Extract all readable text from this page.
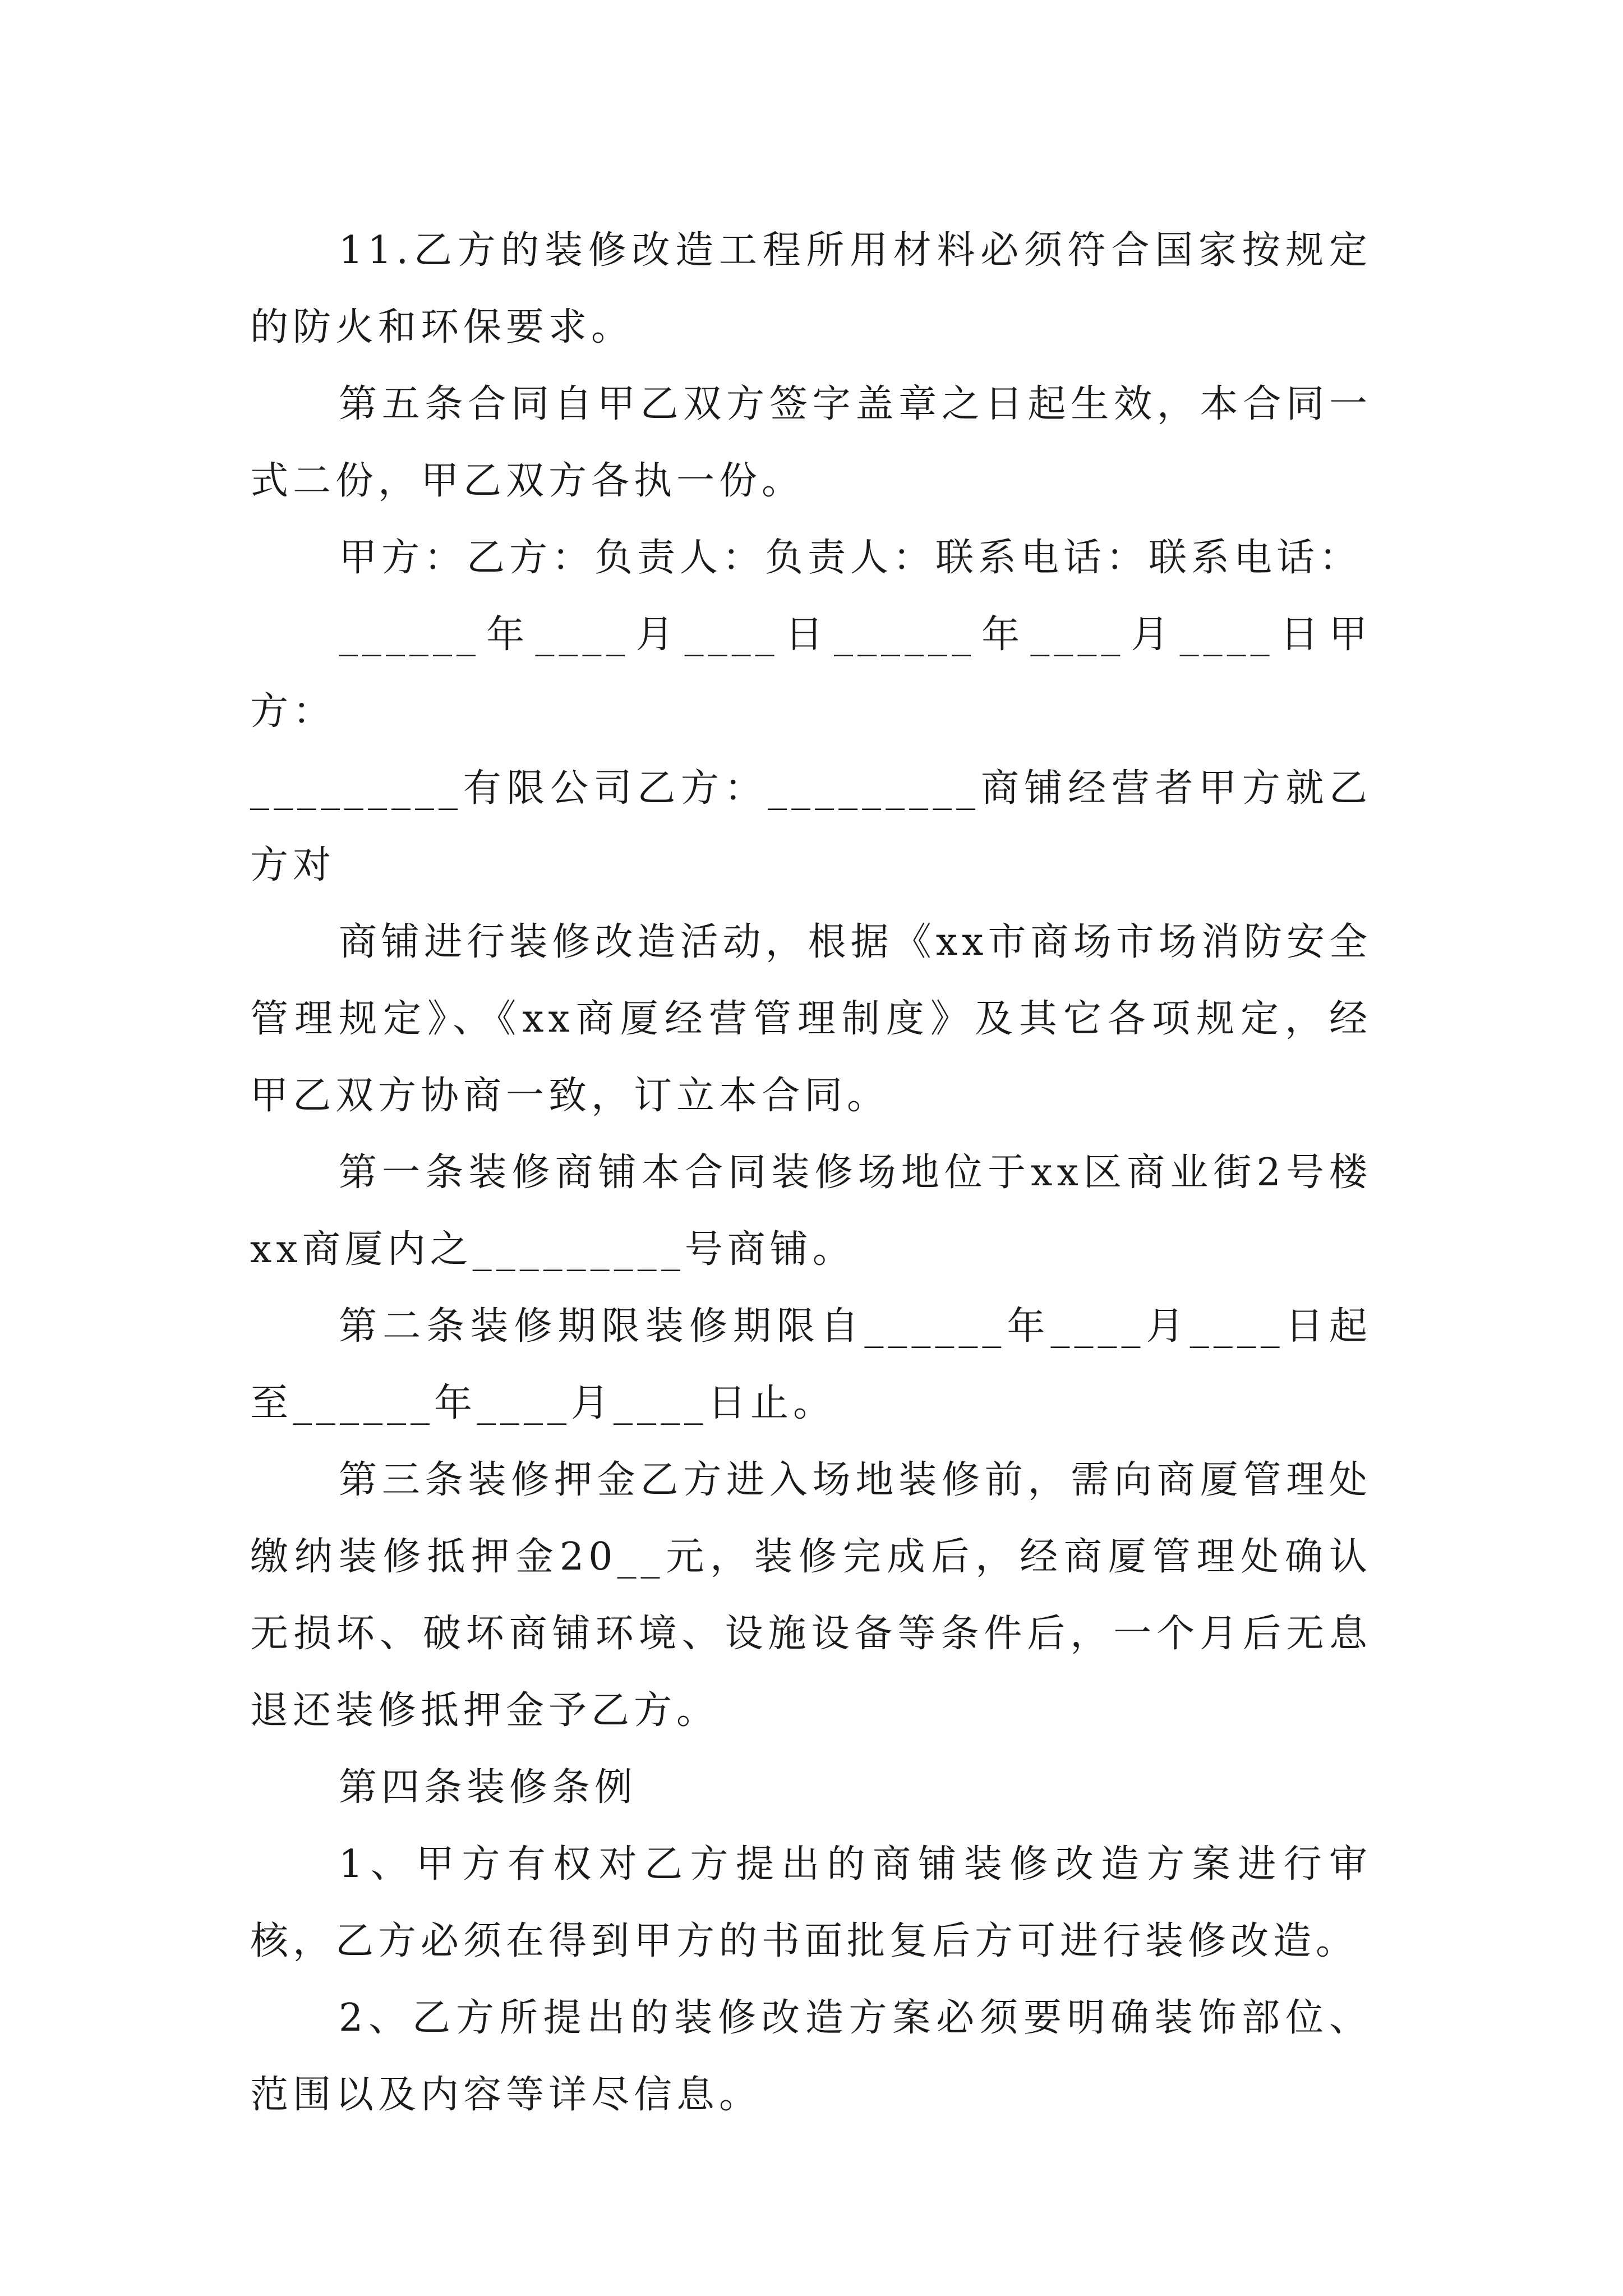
11.乙方的装修改造工程所用材料必须符合国家按规定的防火和环保要求。

第五条合同自甲乙双方签字盖章之日起生效，本合同一式二份，甲乙双方各执一份。

甲方：乙方：负责人：负责人：联系电话：联系电话：

______年____月____日______年____月____日甲方：

_________有限公司乙方：_________商铺经营者甲方就乙方对

商铺进行装修改造活动，根据《xx市商场市场消防安全管理规定》、《xx商厦经营管理制度》及其它各项规定，经甲乙双方协商一致，订立本合同。

第一条装修商铺本合同装修场地位于xx区商业街2号楼xx商厦内之_________号商铺。

第二条装修期限装修期限自______年____月____日起至______年____月____日止。

第三条装修押金乙方进入场地装修前，需向商厦管理处缴纳装修抵押金20__元，装修完成后，经商厦管理处确认无损坏、破坏商铺环境、设施设备等条件后，一个月后无息退还装修抵押金予乙方。

第四条装修条例

1、甲方有权对乙方提出的商铺装修改造方案进行审核，乙方必须在得到甲方的书面批复后方可进行装修改造。

2、乙方所提出的装修改造方案必须要明确装饰部位、范围以及内容等详尽信息。
